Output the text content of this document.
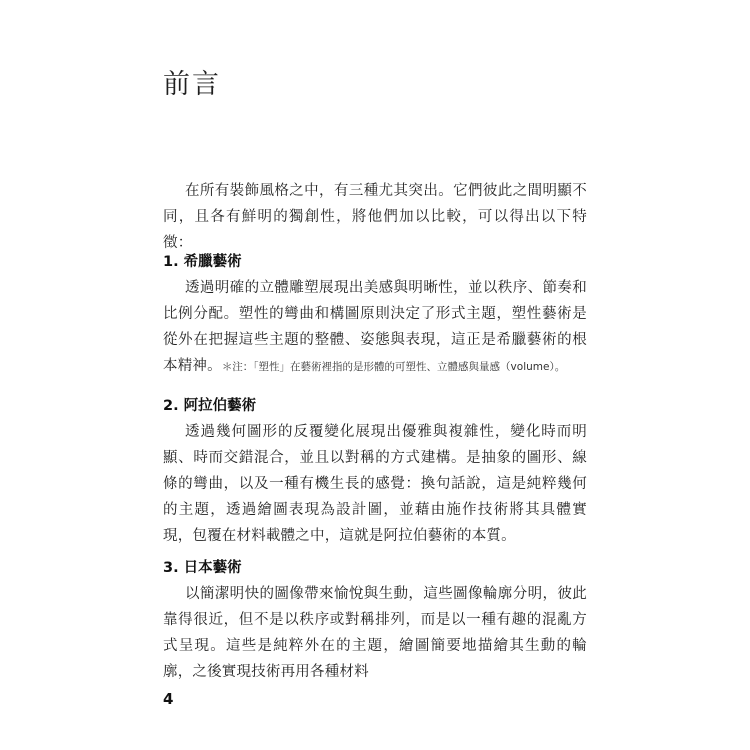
前言

在所有裝飾風格之中，有三種尤其突出。它們彼此之間明顯不同，且各有鮮明的獨創性，將他們加以比較，可以得出以下特徵：

1. 希臘藝術

透過明確的立體雕塑展現出美感與明晰性，並以秩序、節奏和比例分配。塑性的彎曲和構圖原則決定了形式主題，塑性藝術是從外在把握這些主題的整體、姿態與表現，這正是希臘藝術的根本精神。＊注：「塑性」在藝術裡指的是形體的可塑性、立體感與量感（volume）。

2. 阿拉伯藝術

透過幾何圖形的反覆變化展現出優雅與複雜性，變化時而明顯、時而交錯混合，並且以對稱的方式建構。是抽象的圖形、線條的彎曲，以及一種有機生長的感覺：換句話說，這是純粹幾何的主題，透過繪圖表現為設計圖，並藉由施作技術將其具體實現，包覆在材料載體之中，這就是阿拉伯藝術的本質。

3. 日本藝術

以簡潔明快的圖像帶來愉悅與生動，這些圖像輪廓分明，彼此靠得很近，但不是以秩序或對稱排列，而是以一種有趣的混亂方式呈現。這些是純粹外在的主題，繪圖簡要地描繪其生動的輪廓，之後實現技術再用各種材料

4
